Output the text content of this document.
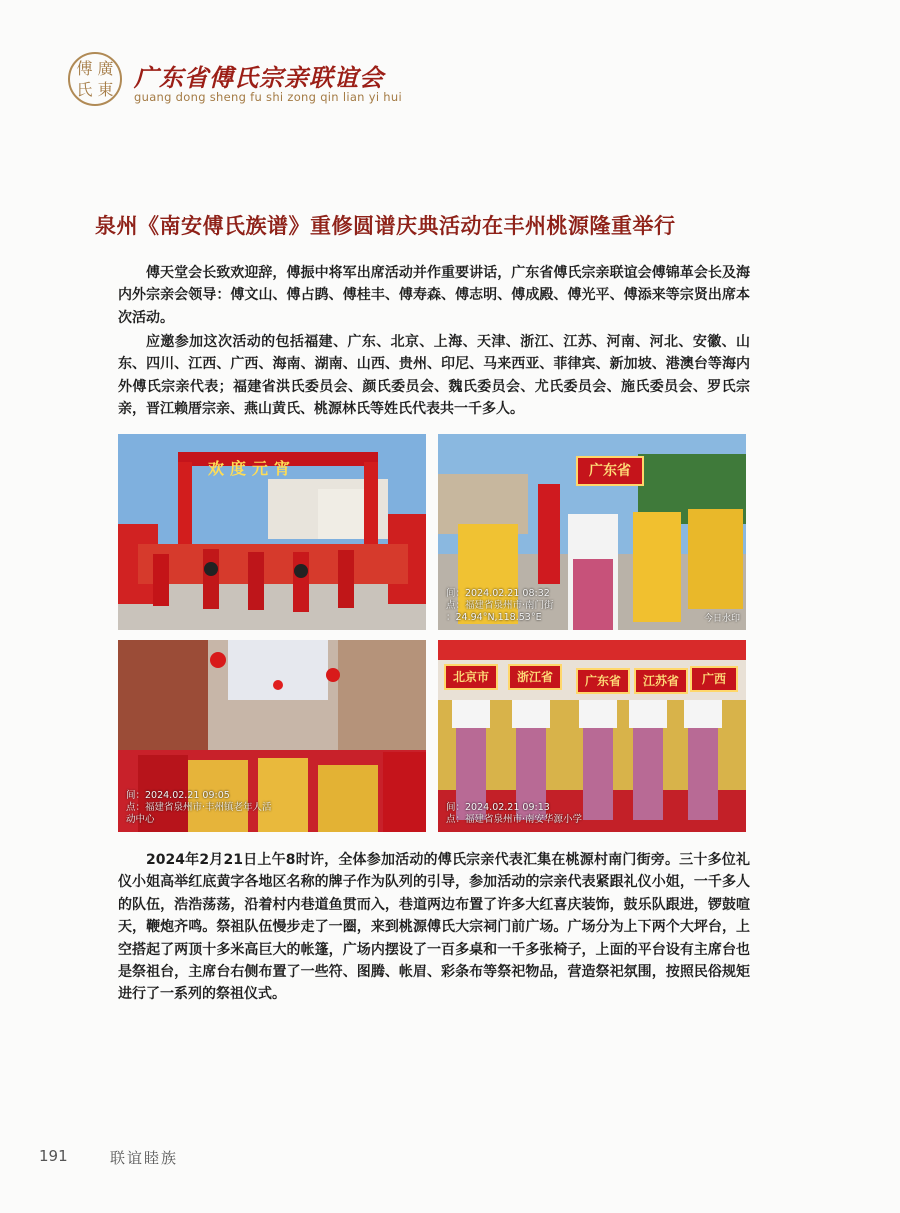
傅 廣
氏 東 广东省傅氏宗亲联谊会
guang dong sheng fu shi zong qin lian yi hui
泉州《南安傅氏族谱》重修圆谱庆典活动在丰州桃源隆重举行

傅天堂会长致欢迎辞，傅振中将军出席活动并作重要讲话，广东省傅氏宗亲联谊会傅锦革会长及海内外宗亲会领导：傅文山、傅占鹍、傅桂丰、傅寿森、傅志明、傅成殿、傅光平、傅添来等宗贤出席本次活动。

应邀参加这次活动的包括福建、广东、北京、上海、天津、浙江、江苏、河南、河北、安徽、山东、四川、江西、广西、海南、湖南、山西、贵州、印尼、马来西亚、菲律宾、新加坡、港澳台等海内外傅氏宗亲代表；福建省洪氏委员会、颜氏委员会、魏氏委员会、尤氏委员会、施氏委员会、罗氏宗亲，晋江赖厝宗亲、燕山黄氏、桃源林氏等姓氏代表共一千多人。

欢度元宵	广东省
间：2024.02.21 08:32
点：福建省泉州市·南门街
：24.94°N,118.53°E	今日水印
间：2024.02.21 09:05
点：福建省泉州市·丰州镇老年人活
动中心
北京市	浙江省	广东省	江苏省	广西
间：2024.02.21 09:13
点：福建省泉州市·南安华源小学

2024年2月21日上午8时许，全体参加活动的傅氏宗亲代表汇集在桃源村南门街旁。三十多位礼仪小姐高举红底黄字各地区名称的牌子作为队列的引导，参加活动的宗亲代表紧跟礼仪小姐，一千多人的队伍，浩浩荡荡，沿着村内巷道鱼贯而入，巷道两边布置了许多大红喜庆装饰，鼓乐队跟进，锣鼓喧天，鞭炮齐鸣。祭祖队伍慢步走了一圈，来到桃源傅氏大宗祠门前广场。广场分为上下两个大坪台，上空搭起了两顶十多米高巨大的帐篷，广场内摆设了一百多桌和一千多张椅子，上面的平台设有主席台也是祭祖台，主席台右侧布置了一些符、图腾、帐眉、彩条布等祭祀物品，营造祭祀氛围，按照民俗规矩进行了一系列的祭祖仪式。

191	联谊睦族
